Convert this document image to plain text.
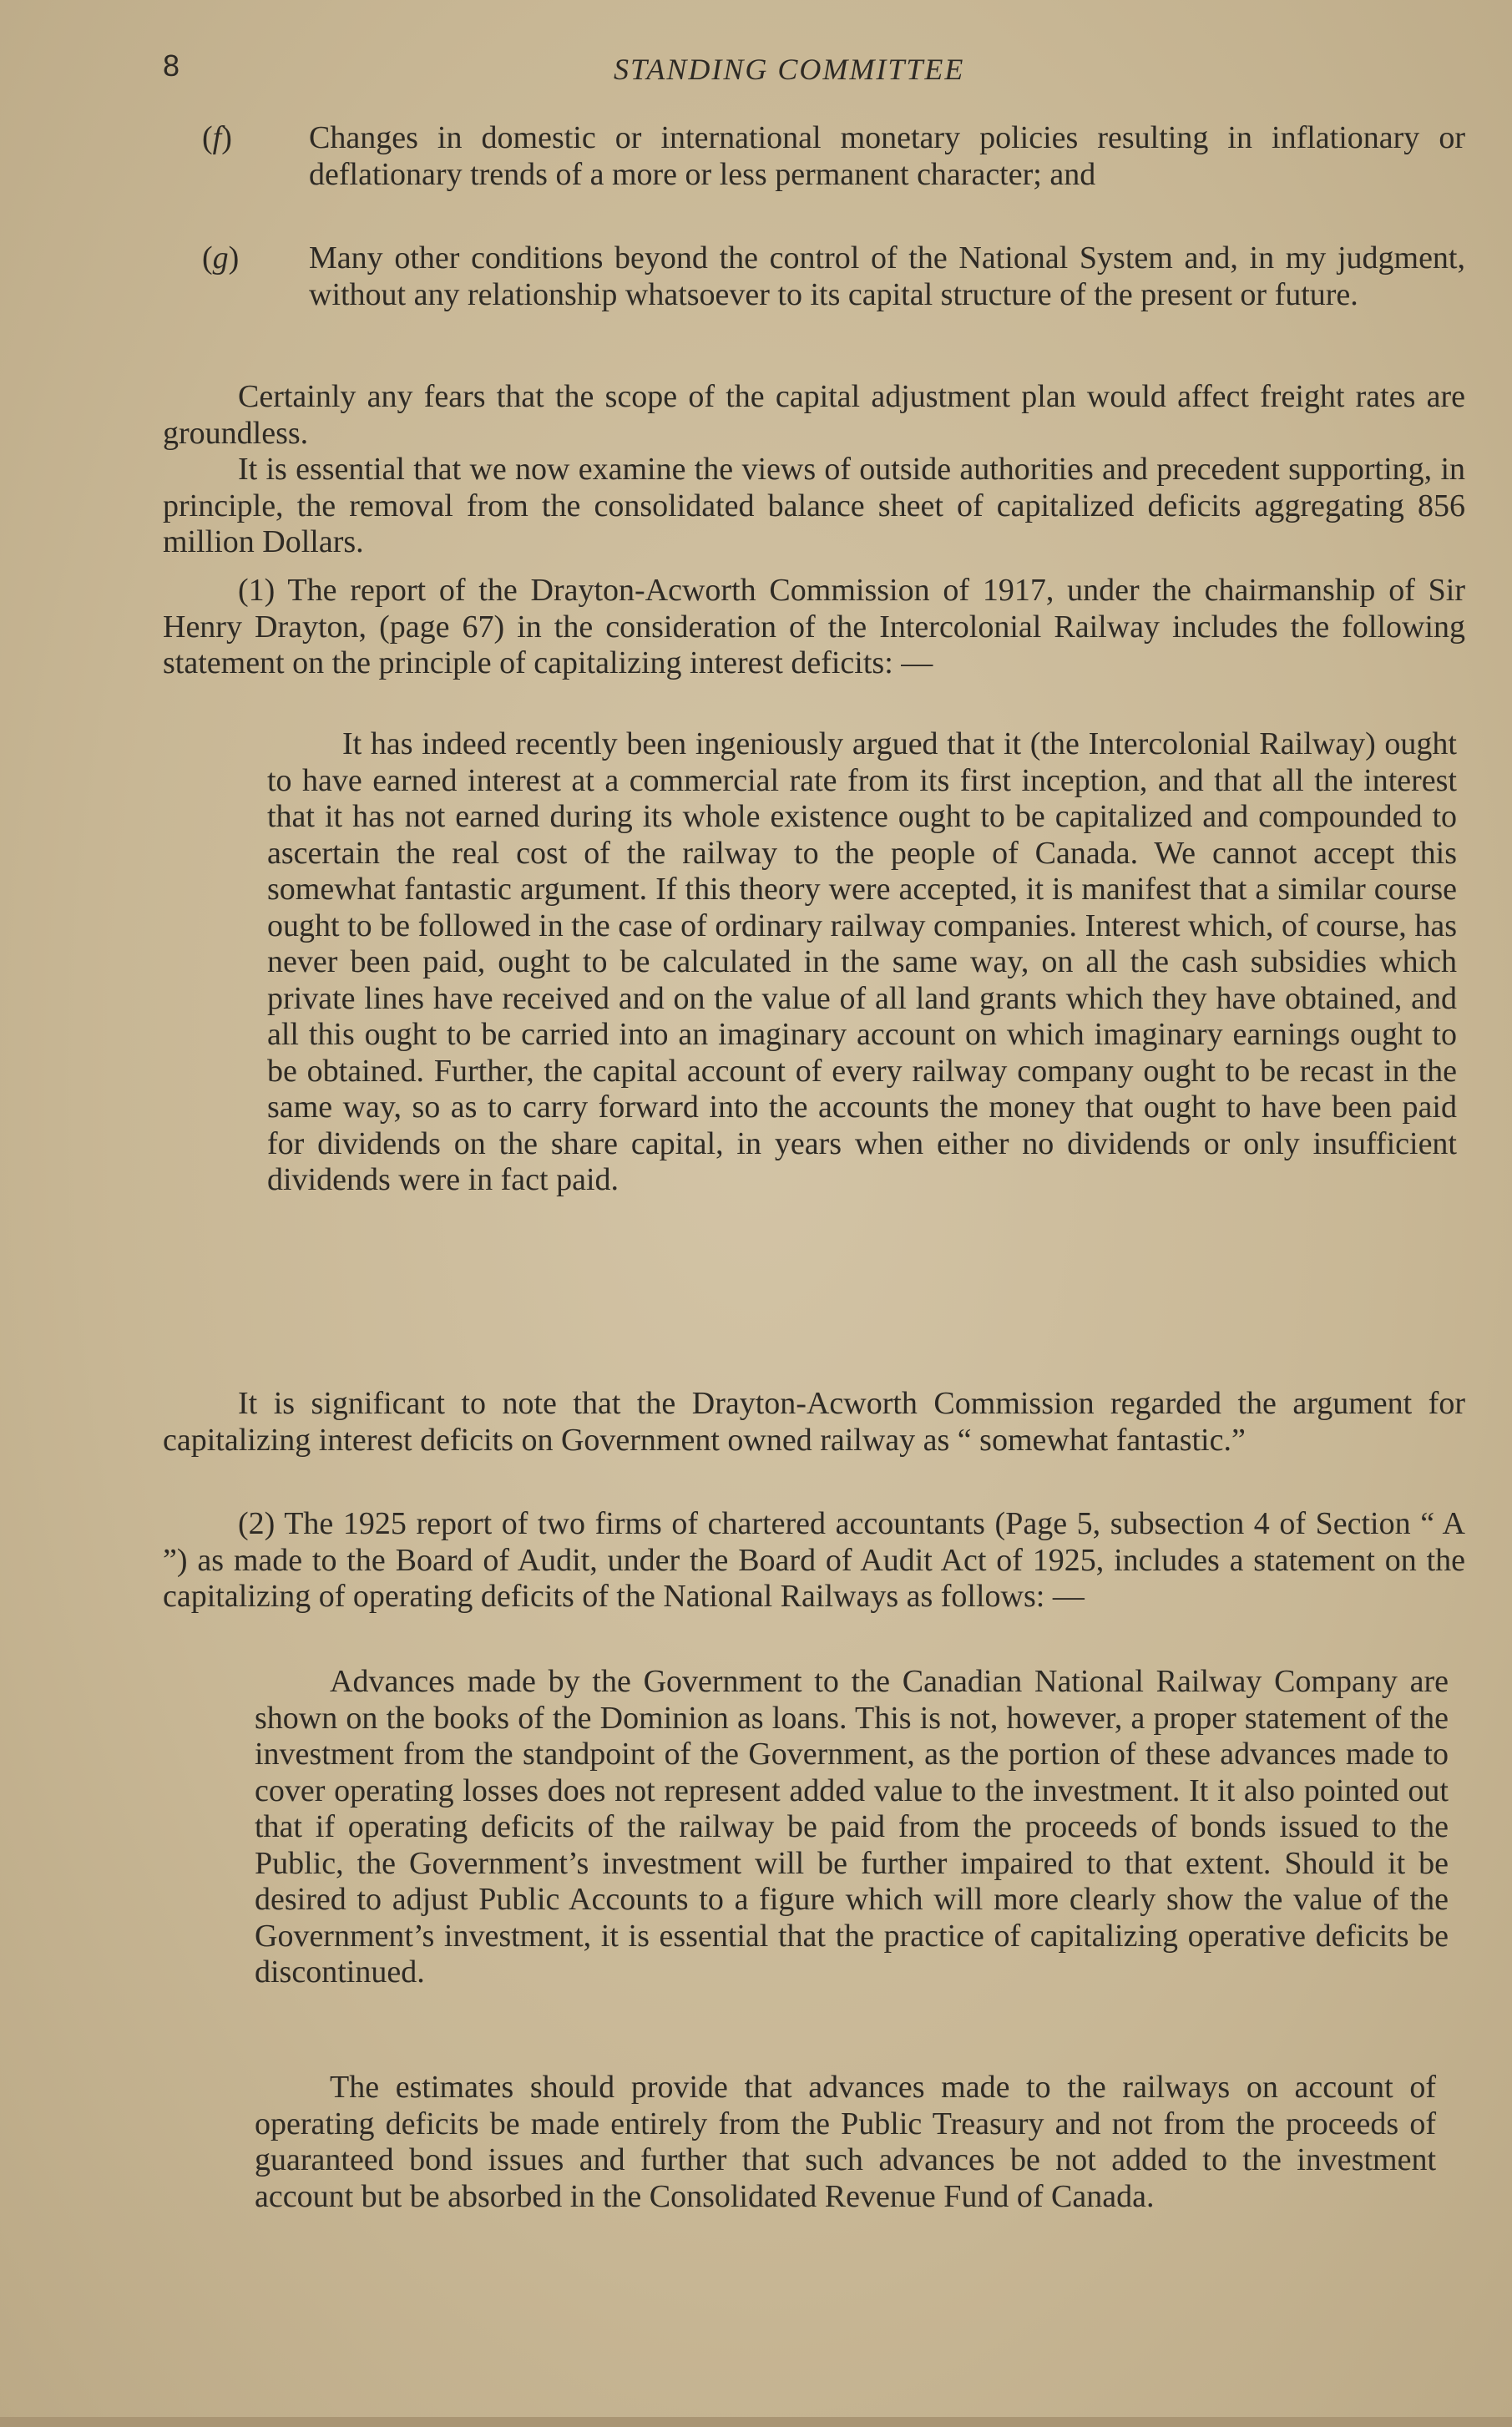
8	STANDING COMMITTEE
(f) Changes in domestic or international monetary policies resulting in inflationary or deflationary trends of a more or less permanent character; and

(g) Many other conditions beyond the control of the National System and, in my judgment, without any relationship whatsoever to its capital structure of the present or future.

Certainly any fears that the scope of the capital adjustment plan would affect freight rates are groundless.

It is essential that we now examine the views of outside authorities and precedent supporting, in principle, the removal from the consolidated balance sheet of capitalized deficits aggregating 856 million Dollars.

(1) The report of the Drayton-Acworth Commission of 1917, under the chairmanship of Sir Henry Drayton, (page 67) in the consideration of the Intercolonial Railway includes the following statement on the principle of capitalizing interest deficits: —

It has indeed recently been ingeniously argued that it (the Intercolonial Railway) ought to have earned interest at a commercial rate from its first inception, and that all the interest that it has not earned during its whole existence ought to be capitalized and compounded to ascertain the real cost of the railway to the people of Canada. We cannot accept this somewhat fantastic argument. If this theory were accepted, it is manifest that a similar course ought to be followed in the case of ordinary railway companies. Interest which, of course, has never been paid, ought to be calculated in the same way, on all the cash subsidies which private lines have received and on the value of all land grants which they have obtained, and all this ought to be carried into an imaginary account on which imaginary earnings ought to be obtained. Further, the capital account of every railway company ought to be recast in the same way, so as to carry forward into the accounts the money that ought to have been paid for dividends on the share capital, in years when either no dividends or only insufficient dividends were in fact paid.

It is significant to note that the Drayton-Acworth Commission regarded the argument for capitalizing interest deficits on Government owned railway as “ somewhat fantastic.”

(2) The 1925 report of two firms of chartered accountants (Page 5, subsection 4 of Section “ A ”) as made to the Board of Audit, under the Board of Audit Act of 1925, includes a statement on the capitalizing of operating deficits of the National Railways as follows: —

Advances made by the Government to the Canadian National Railway Company are shown on the books of the Dominion as loans. This is not, however, a proper statement of the investment from the standpoint of the Government, as the portion of these advances made to cover operating losses does not represent added value to the investment. It it also pointed out that if operating deficits of the railway be paid from the proceeds of bonds issued to the Public, the Government’s investment will be further impaired to that extent. Should it be desired to adjust Public Accounts to a figure which will more clearly show the value of the Government’s investment, it is essential that the practice of capitalizing operative deficits be discontinued.

The estimates should provide that advances made to the railways on account of operating deficits be made entirely from the Public Treasury and not from the proceeds of guaranteed bond issues and further that such advances be not added to the investment account but be absorbed in the Consolidated Revenue Fund of Canada.
